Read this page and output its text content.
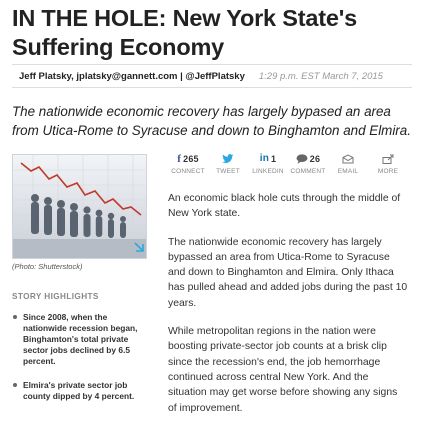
IN THE HOLE: New York State's Suffering Economy
Jeff Platsky, jplatsky@gannett.com | @JeffPlatsky 1:29 p.m. EST March 7, 2015

The nationwide economic recovery has largely bypased an area from Utica-Rome to Syracuse and down to Binghamton and Elmira.

(Photo: Shutterstock)
STORY HIGHLIGHTS
Since 2008, when the nationwide recession began, Binghamton's total private sector jobs declined by 6.5 percent.
Elmira's private sector job county dipped by 4 percent.
f 265
CONNECT	TWEET
in 1
LINKEDIN
26
COMMENT	EMAIL	MORE

An economic black hole cuts through the middle of New York state.

The nationwide economic recovery has largely bypassed an area from Utica-Rome to Syracuse and down to Binghamton and Elmira. Only Ithaca has pulled ahead and added jobs during the past 10 years.

While metropolitan regions in the nation were boosting private-sector job counts at a brisk clip since the recession's end, the job hemorrhage continued across central New York. And the situation may get worse before showing any signs of improvement.
